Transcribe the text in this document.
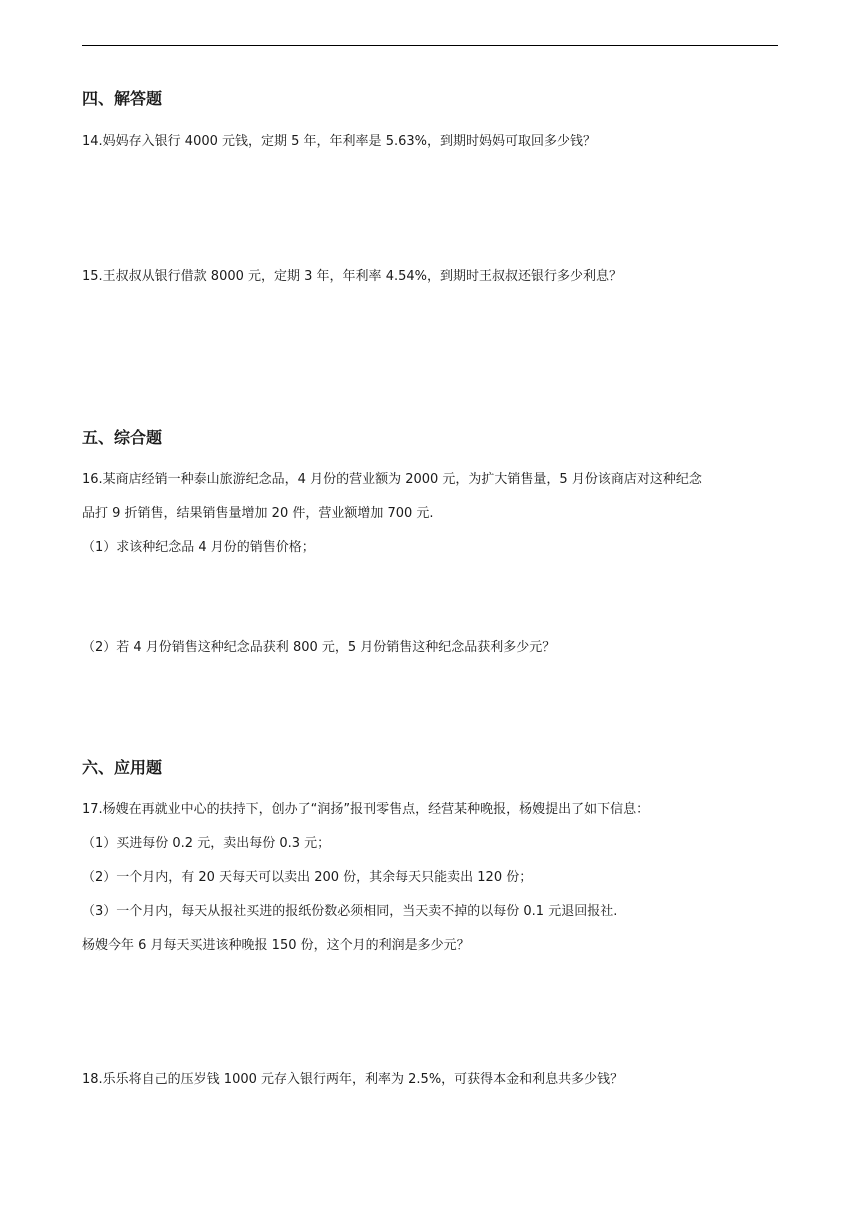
四、解答题
14.妈妈存入银行 4000 元钱，定期 5 年，年利率是 5.63%，到期时妈妈可取回多少钱？
15.王叔叔从银行借款 8000 元，定期 3 年，年利率 4.54%，到期时王叔叔还银行多少利息？
五、综合题
16.某商店经销一种泰山旅游纪念品，4 月份的营业额为 2000 元，为扩大销售量，5 月份该商店对这种纪念
品打 9 折销售，结果销售量增加 20 件，营业额增加 700 元.
（1）求该种纪念品 4 月份的销售价格；
（2）若 4 月份销售这种纪念品获利 800 元，5 月份销售这种纪念品获利多少元？
六、应用题
17.杨嫂在再就业中心的扶持下，创办了“润扬”报刊零售点，经营某种晚报，杨嫂提出了如下信息：
（1）买进每份 0.2 元，卖出每份 0.3 元；
（2）一个月内，有 20 天每天可以卖出 200 份，其余每天只能卖出 120 份；
（3）一个月内，每天从报社买进的报纸份数必须相同，当天卖不掉的以每份 0.1 元退回报社.
杨嫂今年 6 月每天买进该种晚报 150 份，这个月的利润是多少元？
18.乐乐将自己的压岁钱 1000 元存入银行两年，利率为 2.5%，可获得本金和利息共多少钱？
